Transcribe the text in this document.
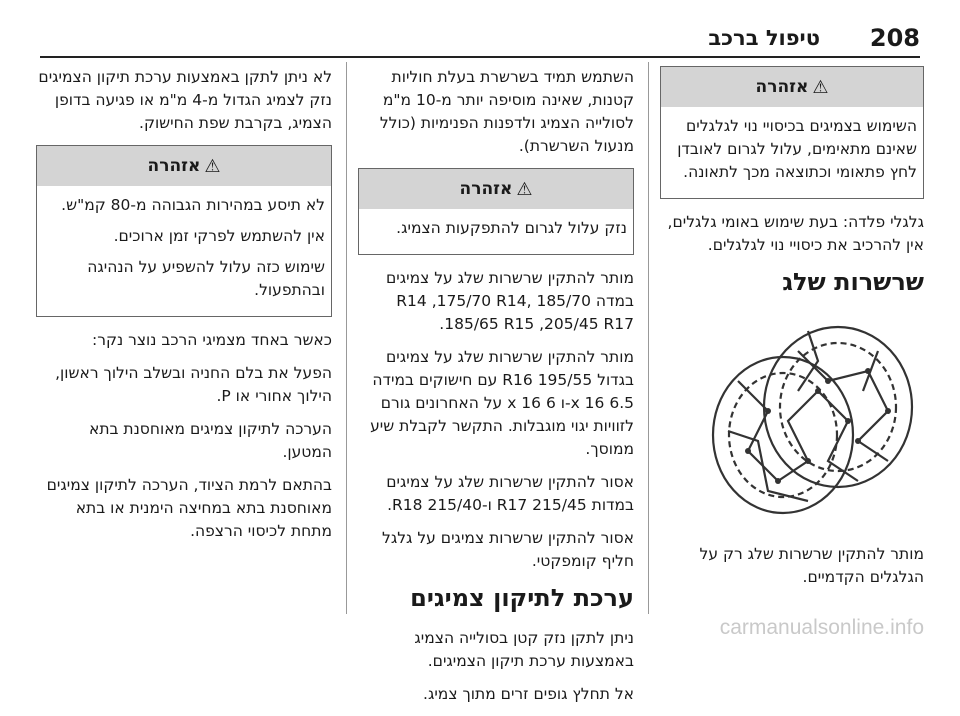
208
טיפול ברכב
⚠
אזהרה

השימוש בצמיגים בכיסויי נוי לגלגלים שאינם מתאימים, עלול לגרום לאובדן לחץ פתאומי וכתוצאה מכך לתאונה.

גלגלי פלדה: בעת שימוש באומי גלגלים, אין להרכיב את כיסויי נוי לגלגלים.

שרשרות שלג

מותר להתקין שרשרות שלג רק על הגלגלים הקדמיים.

השתמש תמיד בשרשרת בעלת חוליות קטנות, שאינה מוסיפה יותר מ-10 מ"מ לסולייה הצמיג ולדפנות הפנימיות (כולל מנעול השרשרת).

⚠
אזהרה

נזק עלול לגרום להתפקעות הצמיג.

מותר להתקין שרשרות שלג על צמיגים במדה 185/70 R14 ,175/70 R14, 185/65 R15 ,205/45 R17.

מותר להתקין שרשרות שלג על צמיגים בגדול 195/55 R16 עם חישוקים במידה 6.5 x 16-ו 6 x 16 על האחרונים גורם לזוויות יגוי מוגבלות. התקשר לקבלת שיע ממוסך.

אסור להתקין שרשרות שלג על צמיגים במדות 215/45 R17 ו-215/40 R18.

אסור להתקין שרשרות צמיגים על גלגל חליף קומפקטי.

ערכת לתיקון צמיגים

ניתן לתקן נזק קטן בסולייה הצמיג באמצעות ערכת תיקון הצמיגים.

אל תחלץ גופים זרים מתוך צמיג.

לא ניתן לתקן באמצעות ערכת תיקון הצמיגים נזק לצמיג הגדול מ-4 מ"מ או פגיעה בדופן הצמיג, בקרבת שפת החישוק.

⚠
אזהרה

לא תיסע במהירות הגבוהה מ-80 קמ"ש.

אין להשתמש לפרקי זמן ארוכים.

שימוש כזה עלול להשפיע על הנהיגה ובהתפעול.

כאשר באחד מצמיגי הרכב נוצר נקר:

הפעל את בלם החניה ובשלב הילוך ראשון, הילוך אחורי או P.

הערכה לתיקון צמיגים מאוחסנת בתא המטען.

בהתאם לרמת הציוד, הערכה לתיקון צמיגים מאוחסנת בתא במחיצה הימנית או בתא מתחת לכיסוי הרצפה.

carmanualsonline.info
